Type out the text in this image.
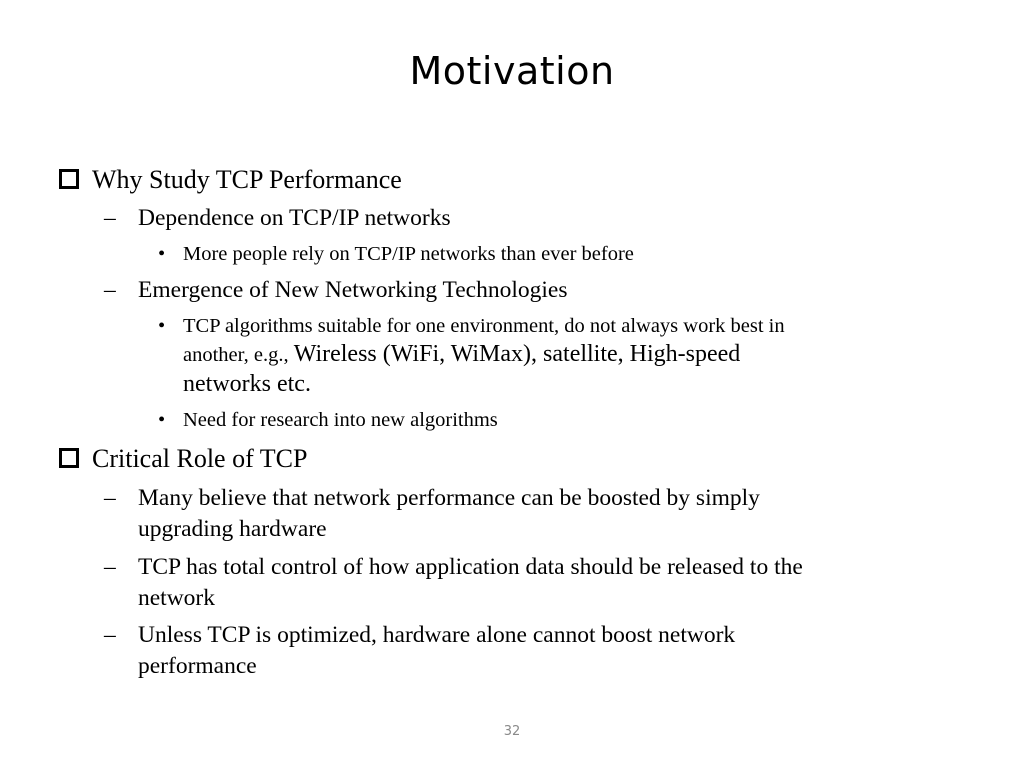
Motivation
Why Study TCP Performance
– Dependence on TCP/IP networks
• More people rely on TCP/IP networks than ever before
– Emergence of New Networking Technologies
• TCP algorithms suitable for one environment, do not always work best in
another, e.g., Wireless (WiFi, WiMax), satellite, High-speed
networks etc.
• Need for research into new algorithms
Critical Role of TCP
– Many believe that network performance can be boosted by simply
upgrading hardware
– TCP has total control of how application data should be released to the
network
– Unless TCP is optimized, hardware alone cannot boost network
performance
32
